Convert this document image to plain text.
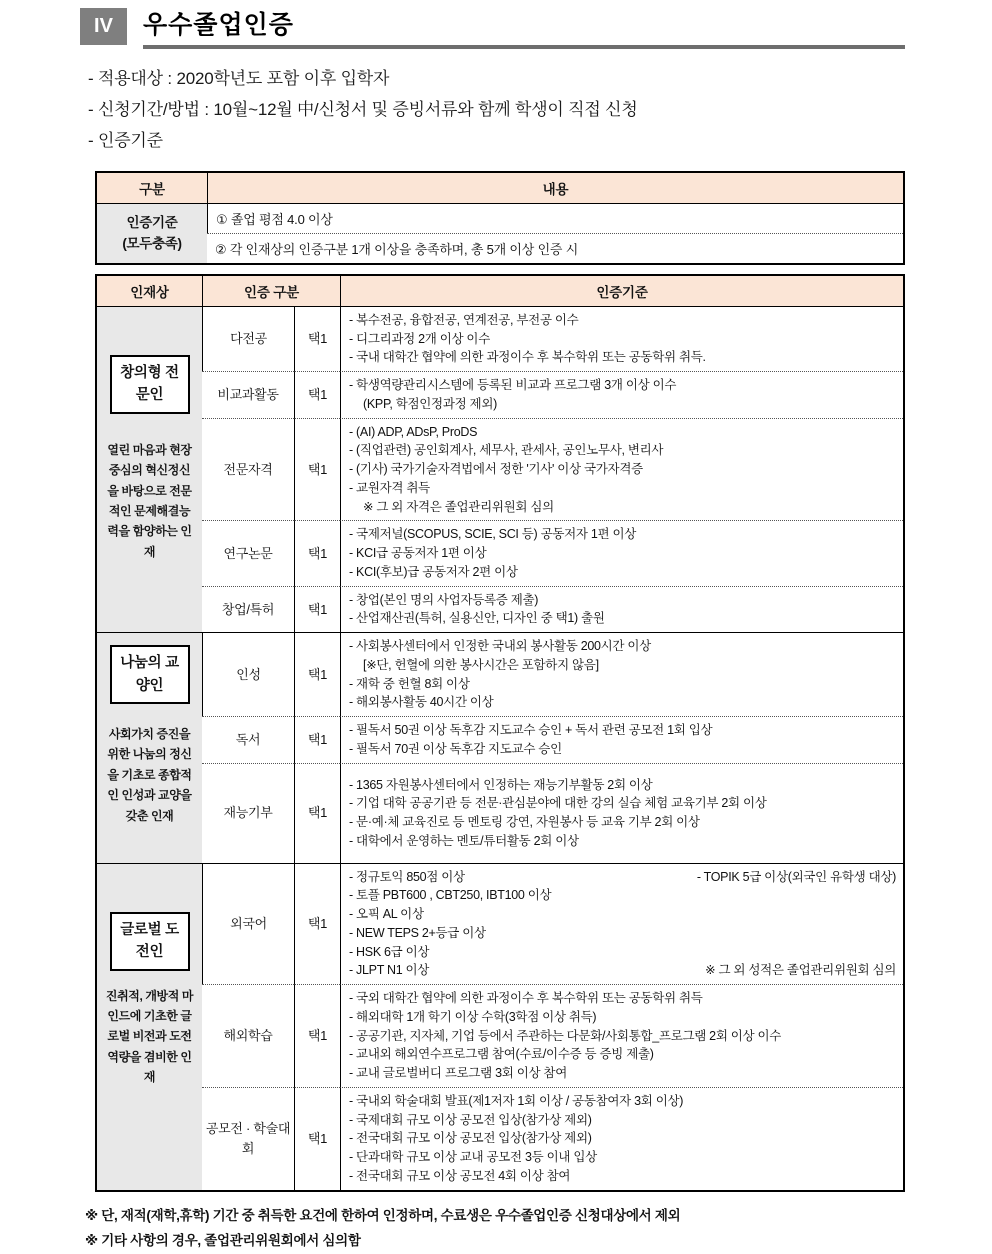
IV	우수졸업인증
- 적용대상 : 2020학년도 포함 이후 입학자
- 신청기간/방법 : 10월~12월 中/신청서 및 증빙서류와 함께 학생이 직접 신청
- 인증기준
구분	내용

인증기준
(모두충족)	① 졸업 평점 4.0 이상
	② 각 인재상의 인증구분 1개 이상을 충족하며, 총 5개 이상 인증 시
인재상	인증 구분		인증기준
창의형 전문인
열린 마음과 현장중심의 혁신정신을 바탕으로 전문적인 문제해결능력을 함양하는 인재
	다전공	택1	
- 복수전공, 융합전공, 연계전공, 부전공 이수
- 디그리과정 2개 이상 이수
- 국내 대학간 협약에 의한 과정이수 후 복수학위 또는 공동학위 취득.

	비교과활동	택1	- 학생역량관리시스템에 등록된 비교과 프로그램 3개 이상 이수
(KPP, 학점인정과정 제외)

	전문자격	택1	- (AI) ADP, ADsP, ProDS
- (직업관련) 공인회계사, 세무사, 관세사, 공인노무사, 변리사
- (기사) 국가기술자격법에서 정한 '기사' 이상 국가자격증
- 교원자격 취득
※ 그 외 자격은 졸업관리위원회 심의

	연구논문	택1	- 국제저널(SCOPUS, SCIE, SCI 등) 공동저자 1편 이상
- KCI급 공동저자 1편 이상
- KCI(후보)급 공동저자 2편 이상

	창업/특허	택1	- 창업(본인 명의 사업자등록증 제출)
- 산업재산권(특허, 실용신안, 디자인 중 택1) 출원

나눔의 교양인
사회가치 증진을 위한 나눔의 정신을 기초로 종합적인 인성과 교양을 갖춘 인재
	인성	택1	
- 사회봉사센터에서 인정한 국내외 봉사활동 200시간 이상
[※단, 헌혈에 의한 봉사시간은 포함하지 않음]
- 재학 중 헌혈 8회 이상
- 해외봉사활동 40시간 이상

	독서	택1	- 필독서 50권 이상 독후감 지도교수 승인 + 독서 관련 공모전 1회 입상
- 필독서 70권 이상 독후감 지도교수 승인

	재능기부	택1	- 1365 자원봉사센터에서 인정하는 재능기부활동 2회 이상
- 기업 대학 공공기관 등 전문·관심분야에 대한 강의 실습 체험 교육기부 2회 이상
- 문·예·체 교육진로 등 멘토링 강연, 자원봉사 등 교육 기부 2회 이상
- 대학에서 운영하는 멘토/튜터활동 2회 이상

글로벌 도전인
진취적, 개방적 마인드에 기초한 글로벌 비전과 도전역량을 겸비한 인재
	외국어	택1	
- 정규토익 850점 이상	- TOPIK 5급 이상(외국인 유학생 대상)
- 토플 PBT600 , CBT250, IBT100 이상
- 오픽 AL 이상
- NEW TEPS 2+등급 이상
- HSK 6급 이상
- JLPT N1 이상	※ 그 외 성적은 졸업관리위원회 심의

	해외학습	택1	- 국외 대학간 협약에 의한 과정이수 후 복수학위 또는 공동학위 취득
- 해외대학 1개 학기 이상 수학(3학점 이상 취득)
- 공공기관, 지자체, 기업 등에서 주관하는 다문화/사회통합_프로그램 2회 이상 이수
- 교내외 해외연수프로그램 참여(수료/이수증 등 증빙 제출)
- 교내 글로벌버디 프로그램 3회 이상 참여

	공모전 · 학술대회	택1	- 국내외 학술대회 발표(제1저자 1회 이상 / 공동참여자 3회 이상)
- 국제대회 규모 이상 공모전 입상(참가상 제외)
- 전국대회 규모 이상 공모전 입상(참가상 제외)
- 단과대학 규모 이상 교내 공모전 3등 이내 입상
- 전국대회 규모 이상 공모전 4회 이상 참여
※ 단, 재적(재학,휴학) 기간 중 취득한 요건에 한하여 인정하며, 수료생은 우수졸업인증 신청대상에서 제외
※ 기타 사항의 경우, 졸업관리위원회에서 심의함
